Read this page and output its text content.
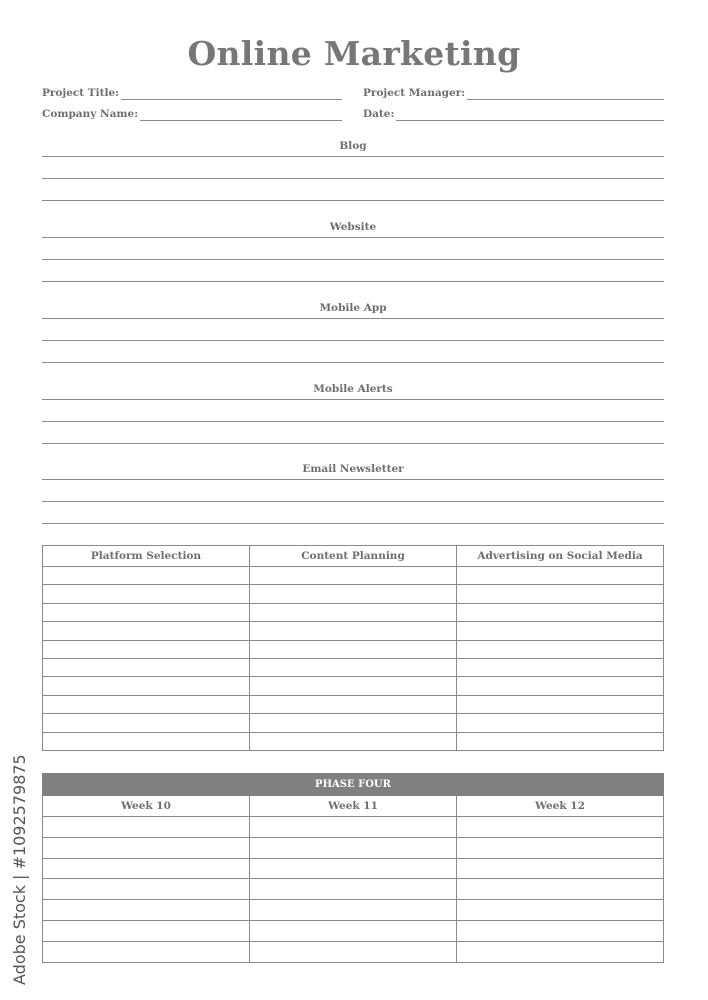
Online Marketing
Project Title:	Project Manager:
Company Name:	Date:
Blog
Website
Mobile App
Mobile Alerts
Email Newsletter
Platform Selection	Content Planning	Advertising on Social Media

PHASE FOUR		
Week 10	Week 11	Week 12

Adobe Stock | #1092579875
